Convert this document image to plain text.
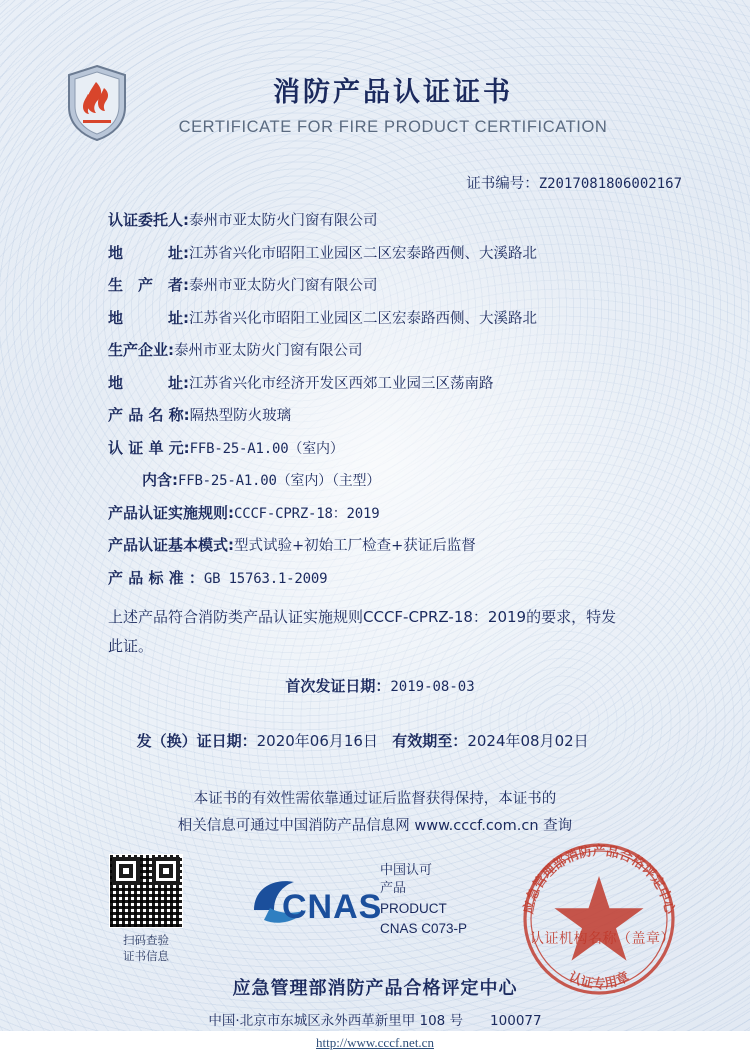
消防产品认证证书
CERTIFICATE FOR FIRE PRODUCT CERTIFICATION
证书编号：Z2017081806002167
认证委托人: 泰州市亚太防火门窗有限公司
地　　　址: 江苏省兴化市昭阳工业园区二区宏泰路西侧、大溪路北
生　产　者: 泰州市亚太防火门窗有限公司
地　　　址: 江苏省兴化市昭阳工业园区二区宏泰路西侧、大溪路北
生产企业: 泰州市亚太防火门窗有限公司
地　　　址: 江苏省兴化市经济开发区西郊工业园三区荡南路
产 品 名 称: 隔热型防火玻璃
认 证 单 元: FFB-25-A1.00（室内）
内含: FFB-25-A1.00（室内）（主型）
产品认证实施规则: CCCF-CPRZ-18：2019
产品认证基本模式: 型式试验+初始工厂检查+获证后监督
产 品 标 准 ： GB 15763.1-2009
上述产品符合消防类产品认证实施规则CCCF-CPRZ-18：2019的要求，特发
此证。
首次发证日期：2019-08-03

发（换）证日期：2020年06月16日 有效期至：2024年08月02日

本证书的有效性需依靠通过证后监督获得保持，本证书的
相关信息可通过中国消防产品信息网 www.cccf.com.cn 查询
扫码查验
证书信息
CNAS
中国认可
产品
PRODUCT
CNAS C073-P
应急管理部消防产品合格评定中心
认证专用章
认证机构名称（盖章）
应急管理部消防产品合格评定中心
中国·北京市东城区永外西革新里甲 108 号　　100077
http://www.cccf.net.cn
